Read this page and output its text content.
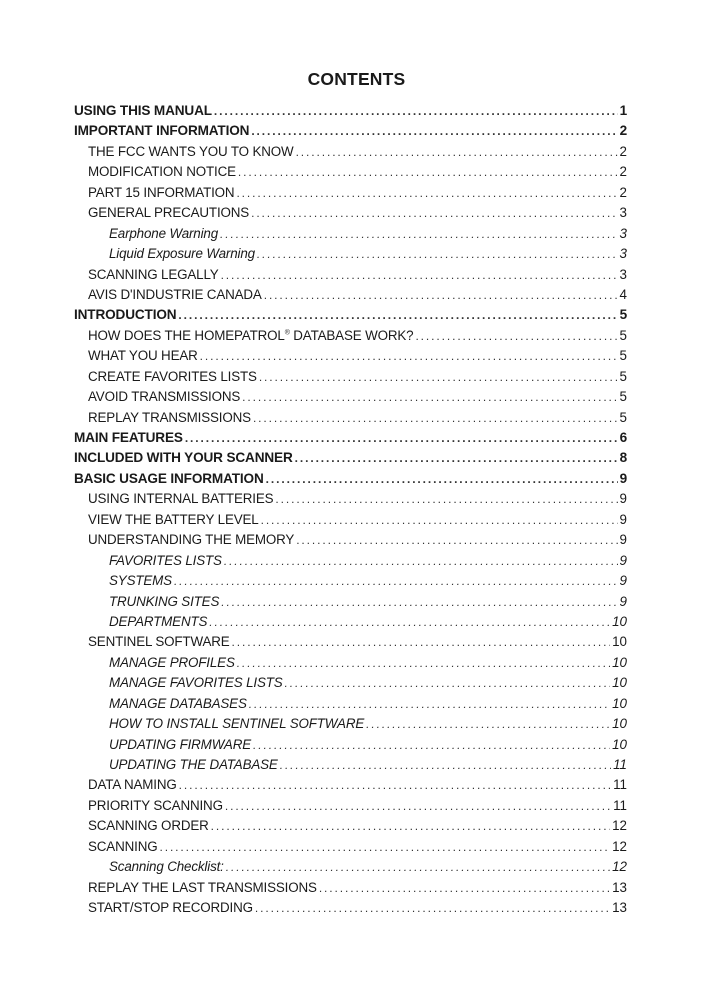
CONTENTS
USING THIS MANUAL .....	1
IMPORTANT INFORMATION .....	2
THE FCC WANTS YOU TO KNOW .....	2
MODIFICATION NOTICE .....	2
PART 15 INFORMATION .....	2
GENERAL PRECAUTIONS .....	3
Earphone Warning .....	3
Liquid Exposure Warning .....	3
SCANNING LEGALLY .....	3
AVIS D'INDUSTRIE CANADA .....	4
INTRODUCTION .....	5
HOW DOES THE HOMEPATROL® DATABASE WORK? .....	5
WHAT YOU HEAR .....	5
CREATE FAVORITES LISTS .....	5
AVOID TRANSMISSIONS .....	5
REPLAY TRANSMISSIONS .....	5
MAIN FEATURES .....	6
INCLUDED WITH YOUR SCANNER .....	8
BASIC USAGE INFORMATION .....	9
USING INTERNAL BATTERIES .....	9
VIEW THE BATTERY LEVEL .....	9
UNDERSTANDING THE MEMORY .....	9
FAVORITES LISTS .....	9
SYSTEMS .....	9
TRUNKING SITES .....	9
DEPARTMENTS .....	10
SENTINEL SOFTWARE .....	10
MANAGE PROFILES .....	10
MANAGE FAVORITES LISTS .....	10
MANAGE DATABASES .....	10
HOW TO INSTALL SENTINEL SOFTWARE .....	10
UPDATING FIRMWARE .....	10
UPDATING THE DATABASE .....	11
DATA NAMING .....	11
PRIORITY SCANNING .....	11
SCANNING ORDER .....	12
SCANNING .....	12
Scanning Checklist: .....	12
REPLAY THE LAST TRANSMISSIONS .....	13
START/STOP RECORDING .....	13
